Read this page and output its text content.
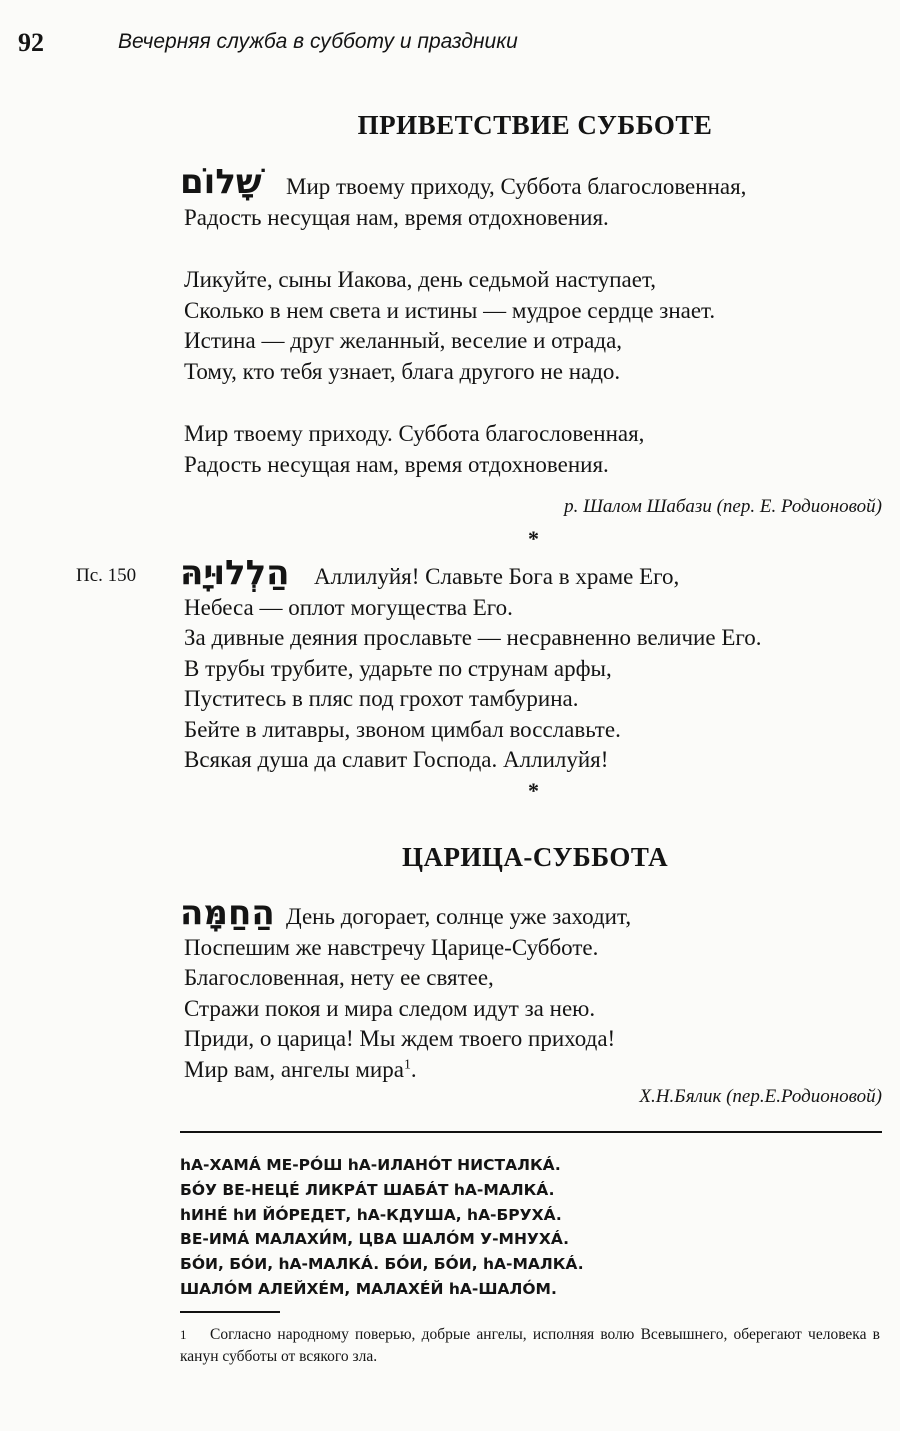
92	Вечерняя служба в субботу и праздники
ПРИВЕТСТВИЕ СУББОТЕ
שָׁלוֹם	Мир твоему приходу, Суббота благословенная,
Радость несущая нам, время отдохновения.
Ликуйте, сыны Иакова, день седьмой наступает,
Сколько в нем света и истины — мудрое сердце знает.
Истина — друг желанный, веселие и отрада,
Тому, кто тебя узнает, блага другого не надо.
Мир твоему приходу. Суббота благословенная,
Радость несущая нам, время отдохновения.
р. Шалом Шабази (пер. Е. Родионовой)
*
Пс. 150 הַלְלוּיָהּ	Аллилуйя! Славьте Бога в храме Его,
Небеса — оплот могущества Его.
За дивные деяния прославьте — несравненно величие Его.
В трубы трубите, ударьте по струнам арфы,
Пуститесь в пляс под грохот тамбурина.
Бейте в литавры, звоном цимбал восславьте.
Всякая душа да славит Господа. Аллилуйя!
*
ЦАРИЦА-СУББОТА
הַחַמָּה День догорает, солнце уже заходит,
Поспешим же навстречу Царице-Субботе.
Благословенная, нету ее святее,
Стражи покоя и мира следом идут за нею.
Приди, о царица! Мы ждем твоего прихода!
Мир вам, ангелы мира$^1$.
Х.Н.Бялик (пер.Е.Родионовой)
hА-ХАМÁ МЕ-РÓШ hА-ИЛАНÓТ НИСТАЛКÁ.
БÓУ ВЕ-НЕЦÉ ЛИКРÁТ ШАБÁТ hА-МАЛКÁ.
hИНÉ hИ ЙÓРЕДЕТ, hА-КДУША, hА-БРУХÁ.
ВЕ-ИМÁ МАЛАХИ́М, ЦВА ШАЛÓМ У-МНУХÁ.
БÓИ, БÓИ, hА-МАЛКÁ. БÓИ, БÓИ, hА-МАЛКÁ.
ШАЛÓМ АЛЕЙХÉМ, МАЛАХÉЙ hА-ШАЛÓМ.
1	Согласно народному поверью, добрые ангелы, исполняя волю Всевышнего, оберегают человека в канун субботы от всякого зла.
